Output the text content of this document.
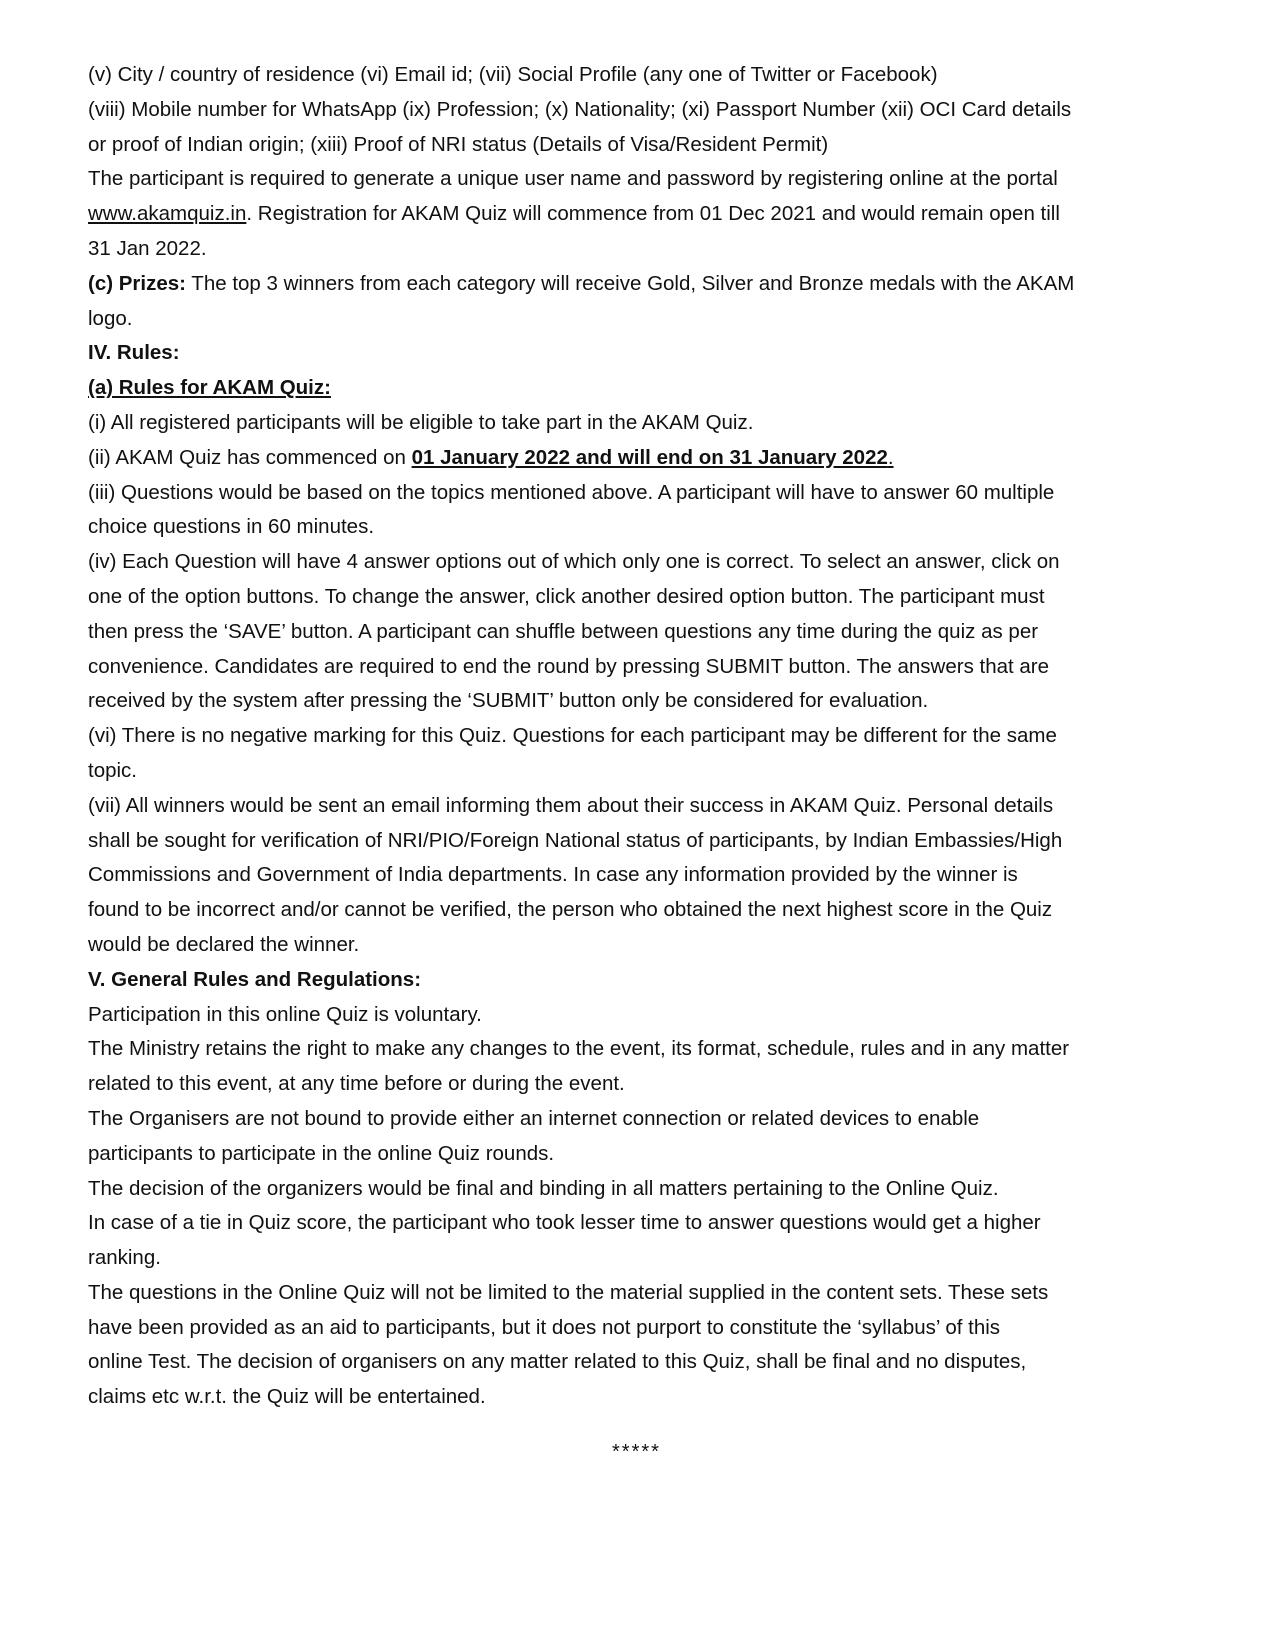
(v) City / country of residence (vi) Email id; (vii) Social Profile (any one of Twitter or Facebook)

(viii) Mobile number for WhatsApp (ix) Profession; (x) Nationality; (xi) Passport Number (xii) OCI Card details

or proof of Indian origin; (xiii) Proof of NRI status (Details of Visa/Resident Permit)

The participant is required to generate a unique user name and password by registering online at the portal

www.akamquiz.in. Registration for AKAM Quiz will commence from 01 Dec 2021 and would remain open till

31 Jan 2022.

(c) Prizes: The top 3 winners from each category will receive Gold, Silver and Bronze medals with the AKAM

logo.

IV. Rules:

(a) Rules for AKAM Quiz:

(i) All registered participants will be eligible to take part in the AKAM Quiz.

(ii) AKAM Quiz has commenced on 01 January 2022 and will end on 31 January 2022.

(iii) Questions would be based on the topics mentioned above. A participant will have to answer 60 multiple

choice questions in 60 minutes.

(iv) Each Question will have 4 answer options out of which only one is correct. To select an answer, click on

one of the option buttons. To change the answer, click another desired option button. The participant must

then press the ‘SAVE’ button. A participant can shuffle between questions any time during the quiz as per

convenience. Candidates are required to end the round by pressing SUBMIT button. The answers that are

received by the system after pressing the ‘SUBMIT’ button only be considered for evaluation.

(vi) There is no negative marking for this Quiz. Questions for each participant may be different for the same

topic.

(vii) All winners would be sent an email informing them about their success in AKAM Quiz. Personal details

shall be sought for verification of NRI/PIO/Foreign National status of participants, by Indian Embassies/High

Commissions and Government of India departments. In case any information provided by the winner is

found to be incorrect and/or cannot be verified, the person who obtained the next highest score in the Quiz

would be declared the winner.

V. General Rules and Regulations:

Participation in this online Quiz is voluntary.

The Ministry retains the right to make any changes to the event, its format, schedule, rules and in any matter

related to this event, at any time before or during the event.

The Organisers are not bound to provide either an internet connection or related devices to enable

participants to participate in the online Quiz rounds.

The decision of the organizers would be final and binding in all matters pertaining to the Online Quiz.

In case of a tie in Quiz score, the participant who took lesser time to answer questions would get a higher

ranking.

The questions in the Online Quiz will not be limited to the material supplied in the content sets. These sets

have been provided as an aid to participants, but it does not purport to constitute the ‘syllabus’ of this

online Test. The decision of organisers on any matter related to this Quiz, shall be final and no disputes,

claims etc w.r.t. the Quiz will be entertained.

*****
